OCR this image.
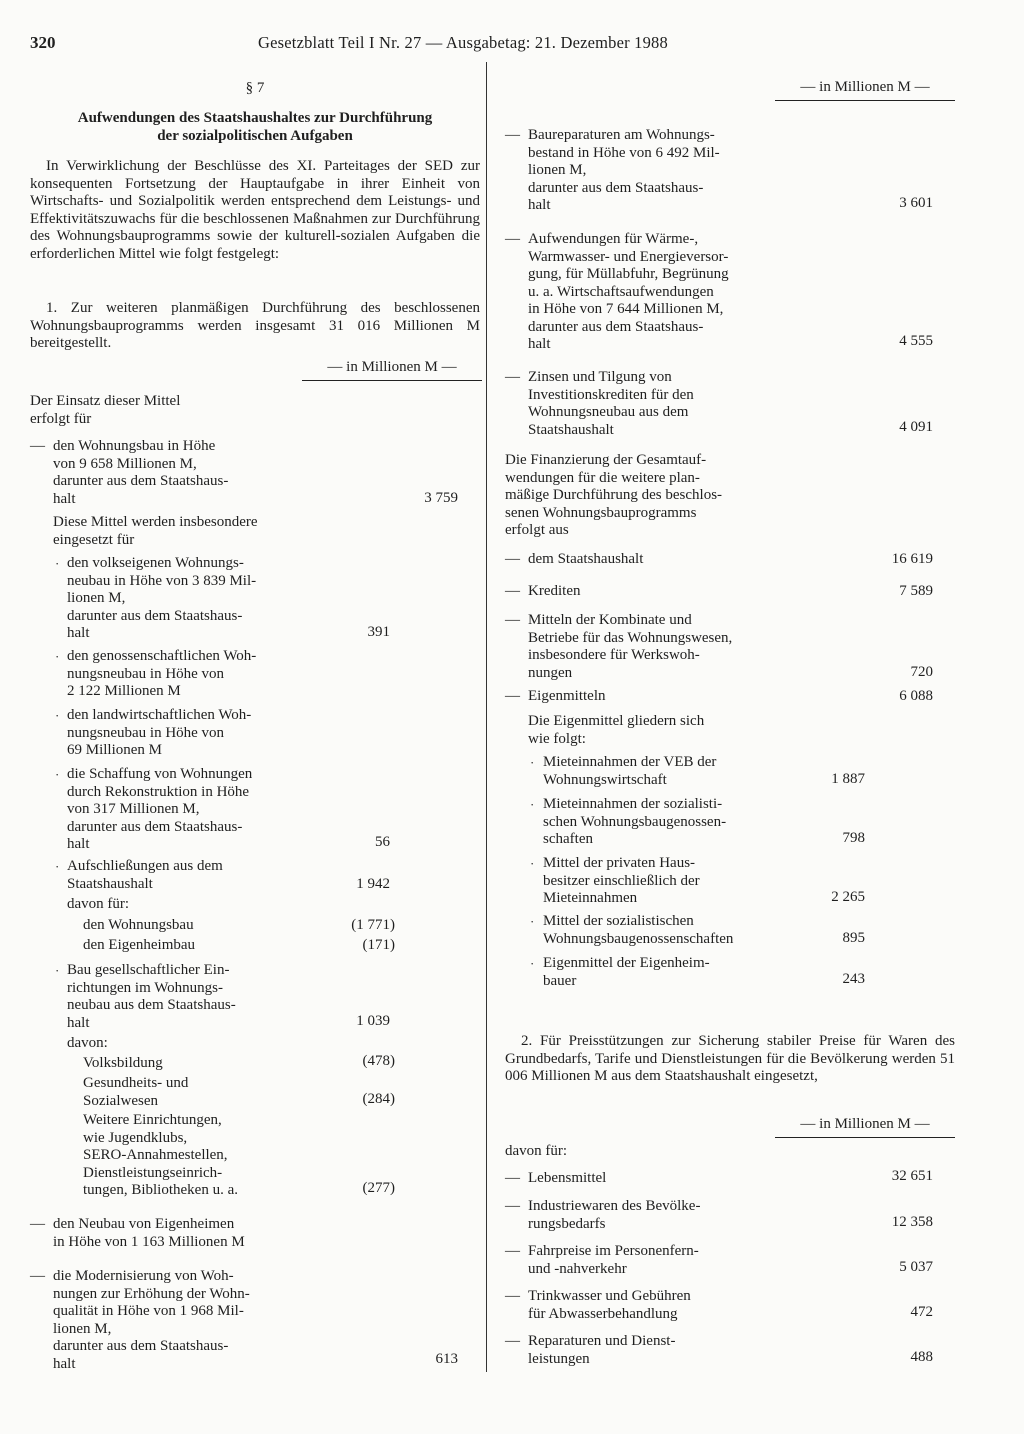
320	Gesetzblatt Teil I Nr. 27 — Ausgabetag: 21. Dezember 1988
§ 7
Aufwendungen des Staatshaushaltes zur Durchführung
der sozialpolitischen Aufgaben

In Verwirklichung der Beschlüsse des XI. Parteitages der SED zur konsequenten Fortsetzung der Hauptaufgabe in ihrer Einheit von Wirtschafts- und Sozialpolitik werden entsprechend dem Leistungs- und Effektivitätszuwachs für die beschlossenen Maßnahmen zur Durchführung des Wohnungsbauprogramms sowie der kulturell-sozialen Aufgaben die erforderlichen Mittel wie folgt festgelegt:

1. Zur weiteren planmäßigen Durchführung des beschlossenen Wohnungsbauprogramms werden insgesamt 31 016 Millionen M bereitgestellt.

— in Millionen M —
Der Einsatz dieser Mittel
erfolgt für
— den Wohnungsbau in Höhe
von 9 658 Millionen M,
darunter aus dem Staatshaus-
halt	3 759
Diese Mittel werden insbesondere
eingesetzt für
· den volkseigenen Wohnungs-
neubau in Höhe von 3 839 Mil-
lionen M,
darunter aus dem Staatshaus-
halt	391
· den genossenschaftlichen Woh-
nungsneubau in Höhe von
2 122 Millionen M
· den landwirtschaftlichen Woh-
nungsneubau in Höhe von
69 Millionen M
· die Schaffung von Wohnungen
durch Rekonstruktion in Höhe
von 317 Millionen M,
darunter aus dem Staatshaus-
halt	56
· Aufschließungen aus dem
Staatshaushalt	1 942
davon für:
den Wohnungsbau	(1 771)
den Eigenheimbau	(171)
· Bau gesellschaftlicher Ein-
richtungen im Wohnungs-
neubau aus dem Staatshaus-
halt	1 039
davon:
Volksbildung	(478)
Gesundheits- und
Sozialwesen	(284)
Weitere Einrichtungen,
wie Jugendklubs,
SERO-Annahmestellen,
Dienstleistungseinrich-
tungen, Bibliotheken u. a.	(277)
— den Neubau von Eigenheimen
in Höhe von 1 163 Millionen M
— die Modernisierung von Woh-
nungen zur Erhöhung der Wohn-
qualität in Höhe von 1 968 Mil-
lionen M,
darunter aus dem Staatshaus-
halt	613
— in Millionen M —
— Baureparaturen am Wohnungs-
bestand in Höhe von 6 492 Mil-
lionen M,
darunter aus dem Staatshaus-
halt	3 601
— Aufwendungen für Wärme-,
Warmwasser- und Energieversor-
gung, für Müllabfuhr, Begrünung
u. a. Wirtschaftsaufwendungen
in Höhe von 7 644 Millionen M,
darunter aus dem Staatshaus-
halt	4 555
— Zinsen und Tilgung von
Investitionskrediten für den
Wohnungsneubau aus dem
Staatshaushalt	4 091
Die Finanzierung der Gesamtauf-
wendungen für die weitere plan-
mäßige Durchführung des beschlos-
senen Wohnungsbauprogramms
erfolgt aus
— dem Staatshaushalt	16 619
— Krediten	7 589
— Mitteln der Kombinate und
Betriebe für das Wohnungswesen,
insbesondere für Werkswoh-
nungen	720
— Eigenmitteln	6 088
Die Eigenmittel gliedern sich
wie folgt:
· Mieteinnahmen der VEB der
Wohnungswirtschaft	1 887
· Mieteinnahmen der sozialisti-
schen Wohnungsbaugenossen-
schaften	798
· Mittel der privaten Haus-
besitzer einschließlich der
Mieteinnahmen	2 265
· Mittel der sozialistischen
Wohnungsbaugenossenschaften	895
· Eigenmittel der Eigenheim-
bauer	243

2. Für Preisstützungen zur Sicherung stabiler Preise für Waren des Grundbedarfs, Tarife und Dienstleistungen für die Bevölkerung werden 51 006 Millionen M aus dem Staatshaushalt eingesetzt,

— in Millionen M —
davon für:
— Lebensmittel	32 651
— Industriewaren des Bevölke-
rungsbedarfs	12 358
— Fahrpreise im Personenfern-
und -nahverkehr	5 037
— Trinkwasser und Gebühren
für Abwasserbehandlung	472
— Reparaturen und Dienst-
leistungen	488
